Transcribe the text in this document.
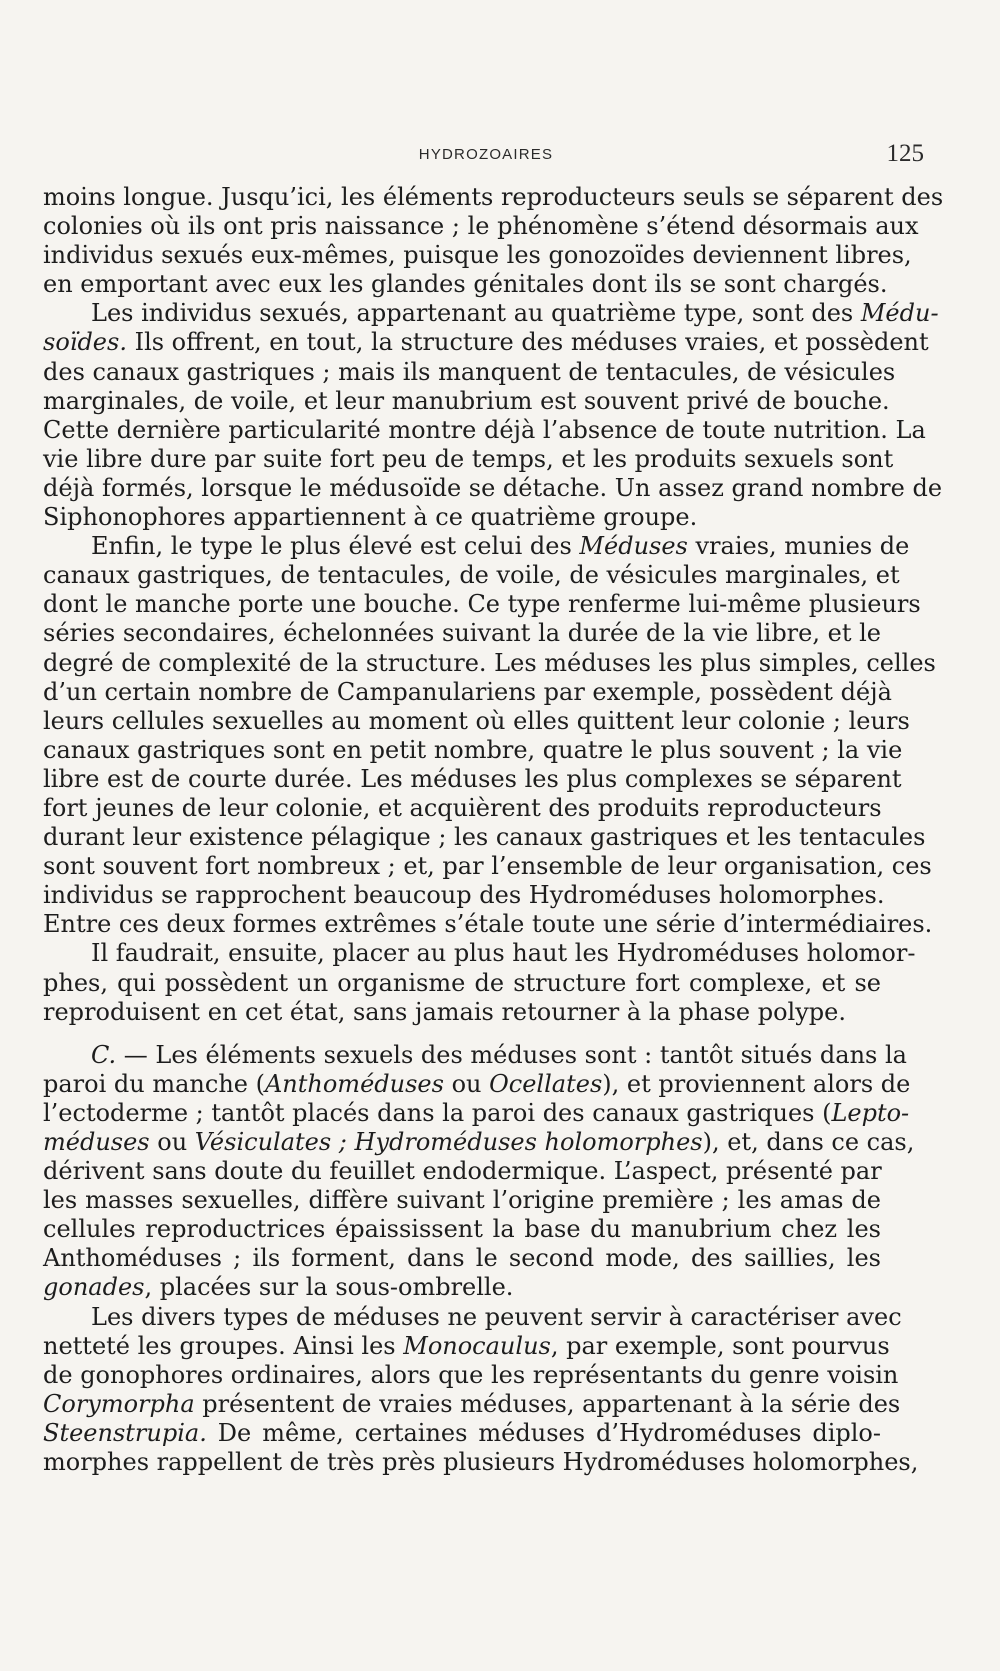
HYDROZOAIRES	125
moins longue. Jusqu’ici, les éléments reproducteurs seuls se séparent des
colonies où ils ont pris naissance ; le phénomène s’étend désormais aux
individus sexués eux-mêmes, puisque les gonozoïdes deviennent libres,
en emportant avec eux les glandes génitales dont ils se sont chargés.
Les individus sexués, appartenant au quatrième type, sont des Médu-
soïdes. Ils offrent, en tout, la structure des méduses vraies, et possèdent
des canaux gastriques ; mais ils manquent de tentacules, de vésicules
marginales, de voile, et leur manubrium est souvent privé de bouche.
Cette dernière particularité montre déjà l’absence de toute nutrition. La
vie libre dure par suite fort peu de temps, et les produits sexuels sont
déjà formés, lorsque le médusoïde se détache. Un assez grand nombre de
Siphonophores appartiennent à ce quatrième groupe.
Enfin, le type le plus élevé est celui des Méduses vraies, munies de
canaux gastriques, de tentacules, de voile, de vésicules marginales, et
dont le manche porte une bouche. Ce type renferme lui-même plusieurs
séries secondaires, échelonnées suivant la durée de la vie libre, et le
degré de complexité de la structure. Les méduses les plus simples, celles
d’un certain nombre de Campanulariens par exemple, possèdent déjà
leurs cellules sexuelles au moment où elles quittent leur colonie ; leurs
canaux gastriques sont en petit nombre, quatre le plus souvent ; la vie
libre est de courte durée. Les méduses les plus complexes se séparent
fort jeunes de leur colonie, et acquièrent des produits reproducteurs
durant leur existence pélagique ; les canaux gastriques et les tentacules
sont souvent fort nombreux ; et, par l’ensemble de leur organisation, ces
individus se rapprochent beaucoup des Hydroméduses holomorphes.
Entre ces deux formes extrêmes s’étale toute une série d’intermédiaires.
Il faudrait, ensuite, placer au plus haut les Hydroméduses holomor-
phes, qui possèdent un organisme de structure fort complexe, et se
reproduisent en cet état, sans jamais retourner à la phase polype.
C. — Les éléments sexuels des méduses sont : tantôt situés dans la
paroi du manche (Anthoméduses ou Ocellates), et proviennent alors de
l’ectoderme ; tantôt placés dans la paroi des canaux gastriques (Lepto-
méduses ou Vésiculates ; Hydroméduses holomorphes), et, dans ce cas,
dérivent sans doute du feuillet endodermique. L’aspect, présenté par
les masses sexuelles, diffère suivant l’origine première ; les amas de
cellules reproductrices épaississent la base du manubrium chez les
Anthoméduses ; ils forment, dans le second mode, des saillies, les
gonades, placées sur la sous-ombrelle.
Les divers types de méduses ne peuvent servir à caractériser avec
netteté les groupes. Ainsi les Monocaulus, par exemple, sont pourvus
de gonophores ordinaires, alors que les représentants du genre voisin
Corymorpha présentent de vraies méduses, appartenant à la série des
Steenstrupia. De même, certaines méduses d’Hydroméduses diplo-
morphes rappellent de très près plusieurs Hydroméduses holomorphes,
